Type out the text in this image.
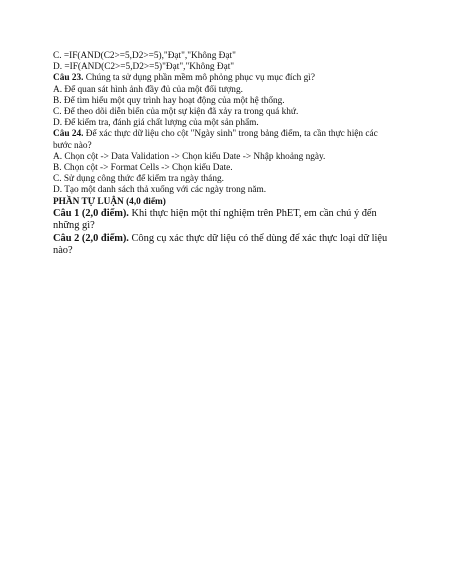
C. =IF(AND(C2>=5,D2>=5),"Đạt","Không Đạt"
D. =IF(AND(C2>=5,D2>=5)"Đạt","Không Đạt"
Câu 23. Chúng ta sử dụng phần mềm mô phỏng phục vụ mục đích gì?
A. Để quan sát hình ảnh đầy đủ của một đối tượng.
B. Để tìm hiểu một quy trình hay hoạt động của một hệ thống.
C. Để theo dõi diễn biến của một sự kiện đã xảy ra trong quá khứ.
D. Để kiểm tra, đánh giá chất lượng của một sản phẩm.
Câu 24. Để xác thực dữ liệu cho cột "Ngày sinh" trong bảng điểm, ta cần thực hiện các bước nào?
A. Chọn cột -> Data Validation -> Chọn kiểu Date -> Nhập khoảng ngày.
B. Chọn cột -> Format Cells -> Chọn kiểu Date.
C. Sử dụng công thức để kiểm tra ngày tháng.
D. Tạo một danh sách thả xuống với các ngày trong năm.
PHẦN TỰ LUẬN (4,0 điểm)
Câu 1 (2,0 điểm). Khi thực hiện một thí nghiệm trên PhET, em cần chú ý đến những gì?
Câu 2 (2,0 điểm). Công cụ xác thực dữ liệu có thể dùng để xác thực loại dữ liệu nào?
